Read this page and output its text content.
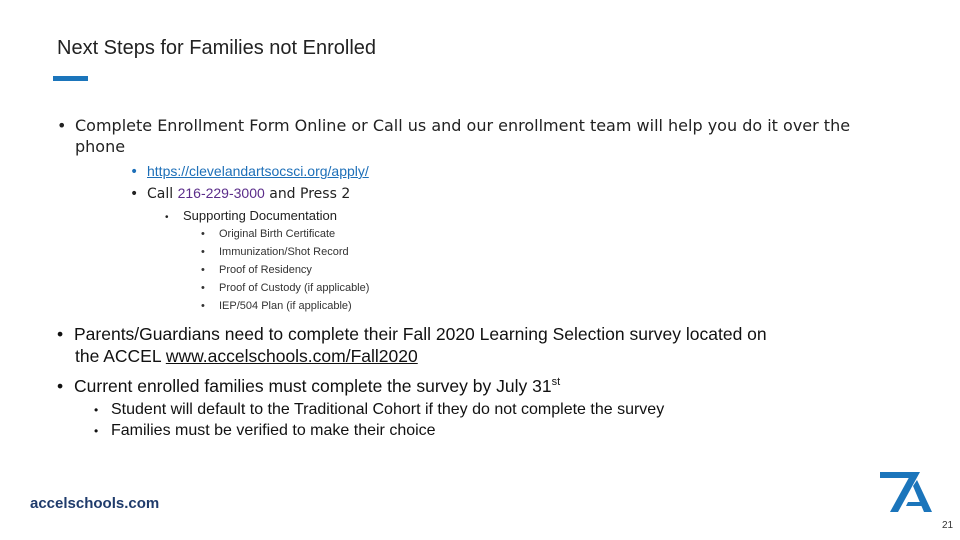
Next Steps for Families not Enrolled
• Complete Enrollment Form Online or Call us and our enrollment team will help you do it over the
phone
• https://clevelandartsocsci.org/apply/
• Call 216-229-3000 and Press 2
• Supporting Documentation
• Original Birth Certificate
• Immunization/Shot Record
• Proof of Residency
• Proof of Custody (if applicable)
• IEP/504 Plan (if applicable)
• Parents/Guardians need to complete their Fall 2020 Learning Selection survey located on
the ACCEL www.accelschools.com/Fall2020
• Current enrolled families must complete the survey by July 31st
• Student will default to the Traditional Cohort if they do not complete the survey
• Families must be verified to make their choice
accelschools.com
21
